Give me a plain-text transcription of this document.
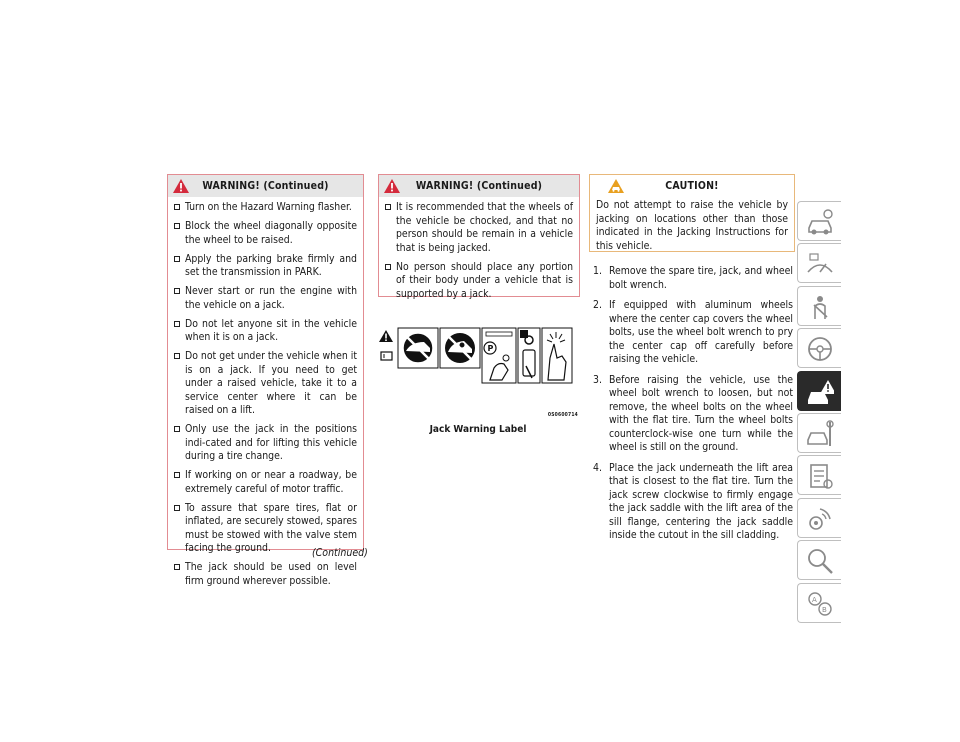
WARNING! (Continued)
Turn on the Hazard Warning flasher.
Block the wheel diagonally opposite the wheel to be raised.
Apply the parking brake firmly and set the transmission in PARK.
Never start or run the engine with the vehicle on a jack.
Do not let anyone sit in the vehicle when it is on a jack.
Do not get under the vehicle when it is on a jack. If you need to get under a raised vehicle, take it to a service center where it can be raised on a lift.
Only use the jack in the positions indi-cated and for lifting this vehicle during a tire change.
If working on or near a roadway, be extremely careful of motor traffic.
To assure that spare tires, flat or inflated, are securely stowed, spares must be stowed with the valve stem facing the ground.
The jack should be used on level firm ground wherever possible.
(Continued)
WARNING! (Continued)
It is recommended that the wheels of the vehicle be chocked, and that no person should be remain in a vehicle that is being jacked.
No person should place any portion of their body under a vehicle that is supported by a jack.
P
0S0600714
Jack Warning Label
CAUTION!
Do not attempt to raise the vehicle by jacking on locations other than those indicated in the Jacking Instructions for this vehicle.
1. Remove the spare tire, jack, and wheel bolt wrench.
2. If equipped with aluminum wheels where the center cap covers the wheel bolts, use the wheel bolt wrench to pry the center cap off carefully before raising the vehicle.
3. Before raising the vehicle, use the wheel bolt wrench to loosen, but not remove, the wheel bolts on the wheel with the flat tire. Turn the wheel bolts counterclock-wise one turn while the wheel is still on the ground.
4. Place the jack underneath the lift area that is closest to the flat tire. Turn the jack screw clockwise to firmly engage the jack saddle with the lift area of the sill flange, centering the jack saddle inside the cutout in the sill cladding.
A
B
